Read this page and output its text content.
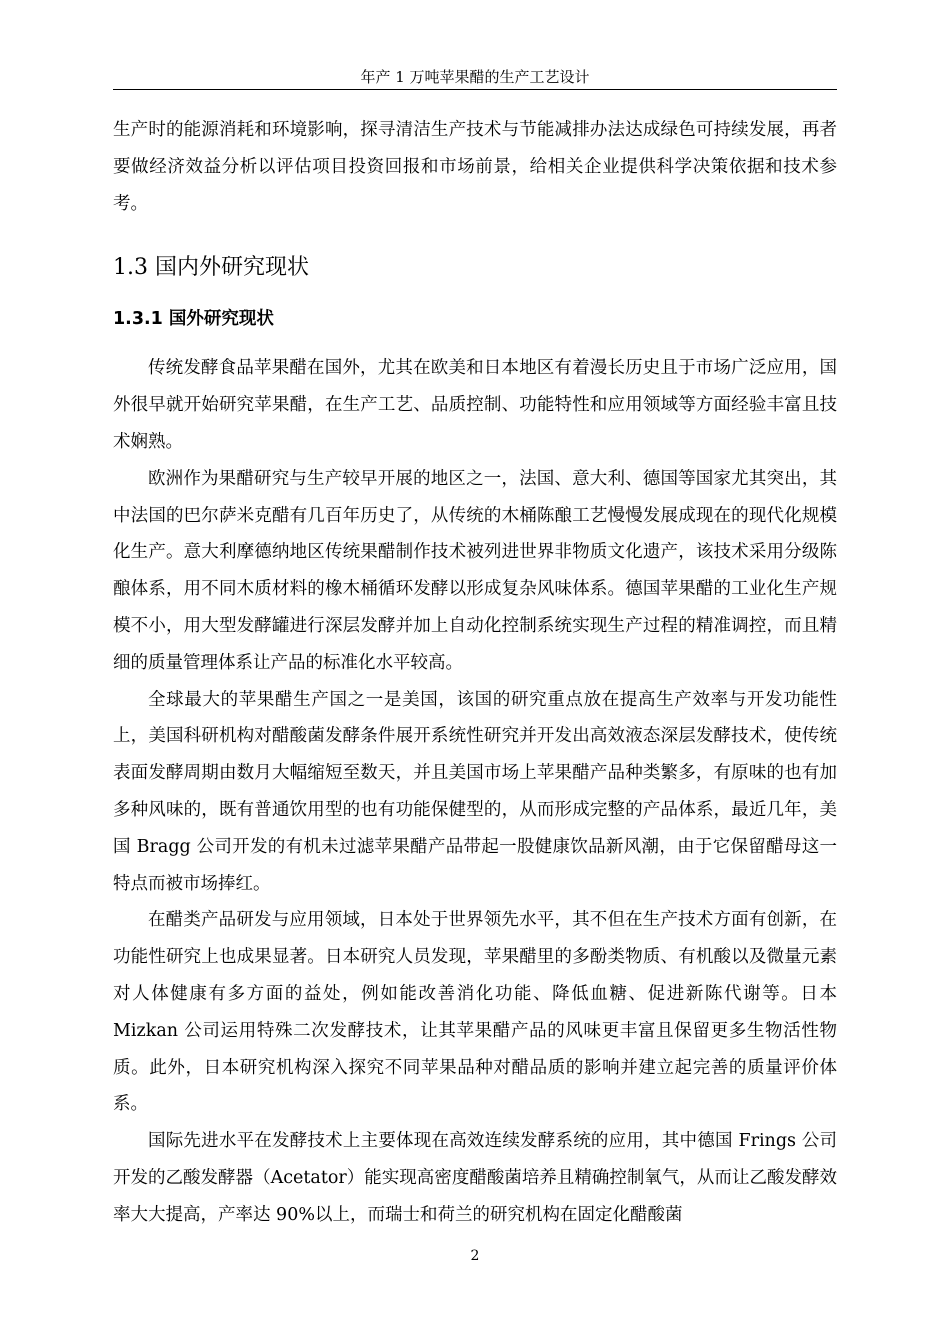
年产 1 万吨苹果醋的生产工艺设计

生产时的能源消耗和环境影响，探寻清洁生产技术与节能减排办法达成绿色可持续发展，再者要做经济效益分析以评估项目投资回报和市场前景，给相关企业提供科学决策依据和技术参考。

1.3 国内外研究现状
1.3.1 国外研究现状

传统发酵食品苹果醋在国外，尤其在欧美和日本地区有着漫长历史且于市场广泛应用，国外很早就开始研究苹果醋，在生产工艺、品质控制、功能特性和应用领域等方面经验丰富且技术娴熟。

欧洲作为果醋研究与生产较早开展的地区之一，法国、意大利、德国等国家尤其突出，其中法国的巴尔萨米克醋有几百年历史了，从传统的木桶陈酿工艺慢慢发展成现在的现代化规模化生产。意大利摩德纳地区传统果醋制作技术被列进世界非物质文化遗产，该技术采用分级陈酿体系，用不同木质材料的橡木桶循环发酵以形成复杂风味体系。德国苹果醋的工业化生产规模不小，用大型发酵罐进行深层发酵并加上自动化控制系统实现生产过程的精准调控，而且精细的质量管理体系让产品的标准化水平较高。

全球最大的苹果醋生产国之一是美国，该国的研究重点放在提高生产效率与开发功能性上，美国科研机构对醋酸菌发酵条件展开系统性研究并开发出高效液态深层发酵技术，使传统表面发酵周期由数月大幅缩短至数天，并且美国市场上苹果醋产品种类繁多，有原味的也有加多种风味的，既有普通饮用型的也有功能保健型的，从而形成完整的产品体系，最近几年，美国 Bragg 公司开发的有机未过滤苹果醋产品带起一股健康饮品新风潮，由于它保留醋母这一特点而被市场捧红。

在醋类产品研发与应用领域，日本处于世界领先水平，其不但在生产技术方面有创新，在功能性研究上也成果显著。日本研究人员发现，苹果醋里的多酚类物质、有机酸以及微量元素对人体健康有多方面的益处，例如能改善消化功能、降低血糖、促进新陈代谢等。日本 Mizkan 公司运用特殊二次发酵技术，让其苹果醋产品的风味更丰富且保留更多生物活性物质。此外，日本研究机构深入探究不同苹果品种对醋品质的影响并建立起完善的质量评价体系。

国际先进水平在发酵技术上主要体现在高效连续发酵系统的应用，其中德国 Frings 公司开发的乙酸发酵器（Acetator）能实现高密度醋酸菌培养且精确控制氧气，从而让乙酸发酵效率大大提高，产率达 90%以上，而瑞士和荷兰的研究机构在固定化醋酸菌

2
